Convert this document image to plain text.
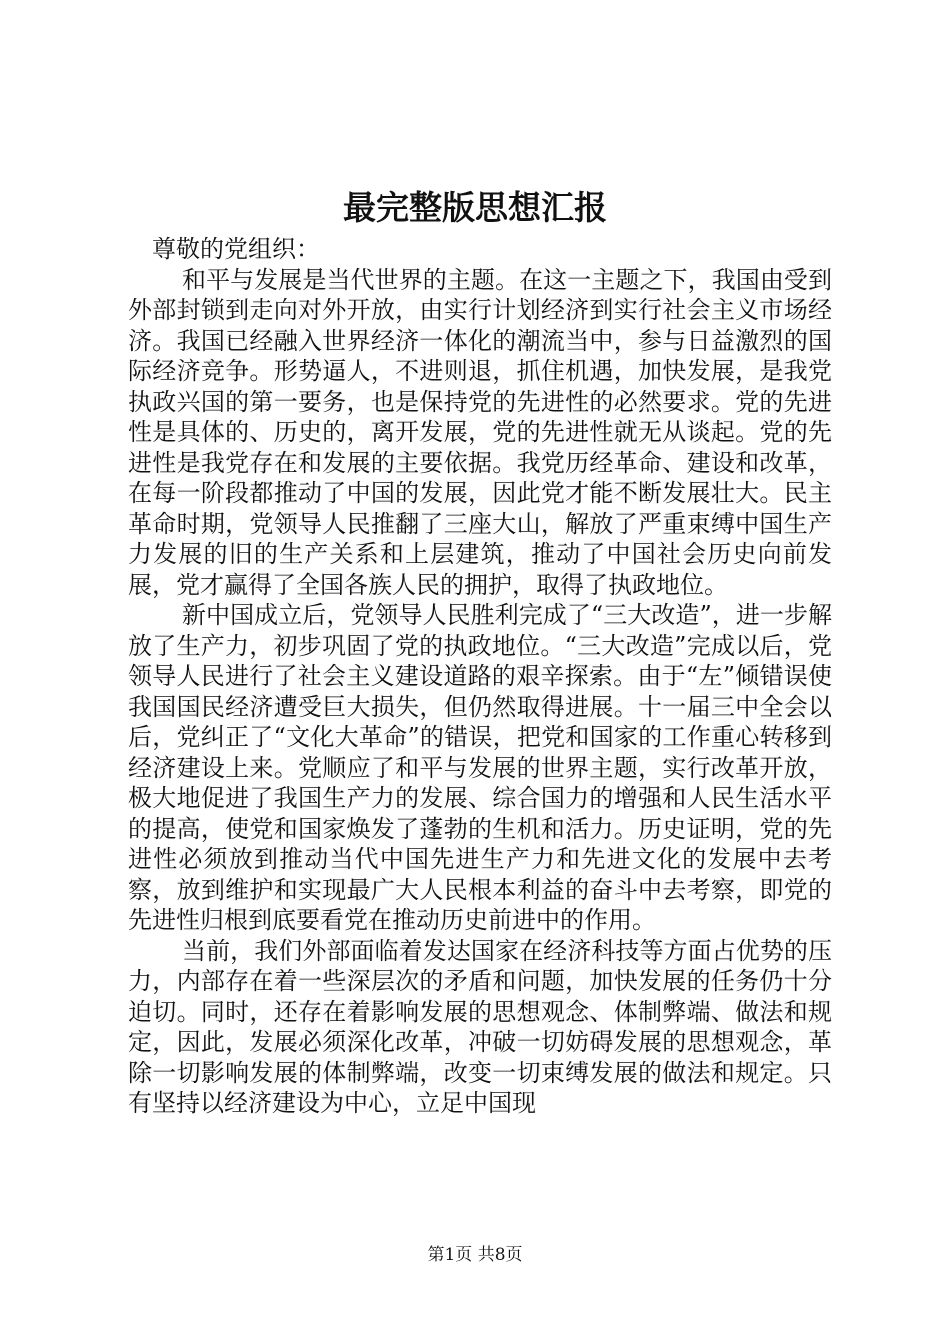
最完整版思想汇报

尊敬的党组织：

和平与发展是当代世界的主题。在这一主题之下，我国由受到外部封锁到走向对外开放，由实行计划经济到实行社会主义市场经济。我国已经融入世界经济一体化的潮流当中，参与日益激烈的国际经济竞争。形势逼人，不进则退，抓住机遇，加快发展，是我党执政兴国的第一要务，也是保持党的先进性的必然要求。党的先进性是具体的、历史的，离开发展，党的先进性就无从谈起。党的先进性是我党存在和发展的主要依据。我党历经革命、建设和改革，在每一阶段都推动了中国的发展，因此党才能不断发展壮大。民主革命时期，党领导人民推翻了三座大山，解放了严重束缚中国生产力发展的旧的生产关系和上层建筑，推动了中国社会历史向前发展，党才赢得了全国各族人民的拥护，取得了执政地位。

新中国成立后，党领导人民胜利完成了“三大改造”，进一步解放了生产力，初步巩固了党的执政地位。“三大改造”完成以后，党领导人民进行了社会主义建设道路的艰辛探索。由于“左”倾错误使我国国民经济遭受巨大损失，但仍然取得进展。十一届三中全会以后，党纠正了“文化大革命”的错误，把党和国家的工作重心转移到经济建设上来。党顺应了和平与发展的世界主题，实行改革开放，极大地促进了我国生产力的发展、综合国力的增强和人民生活水平的提高，使党和国家焕发了蓬勃的生机和活力。历史证明，党的先进性必须放到推动当代中国先进生产力和先进文化的发展中去考察，放到维护和实现最广大人民根本利益的奋斗中去考察，即党的先进性归根到底要看党在推动历史前进中的作用。

当前，我们外部面临着发达国家在经济科技等方面占优势的压力，内部存在着一些深层次的矛盾和问题，加快发展的任务仍十分迫切。同时，还存在着影响发展的思想观念、体制弊端、做法和规定，因此，发展必须深化改革，冲破一切妨碍发展的思想观念，革除一切影响发展的体制弊端，改变一切束缚发展的做法和规定。只有坚持以经济建设为中心，立足中国现

第1页 共8页
